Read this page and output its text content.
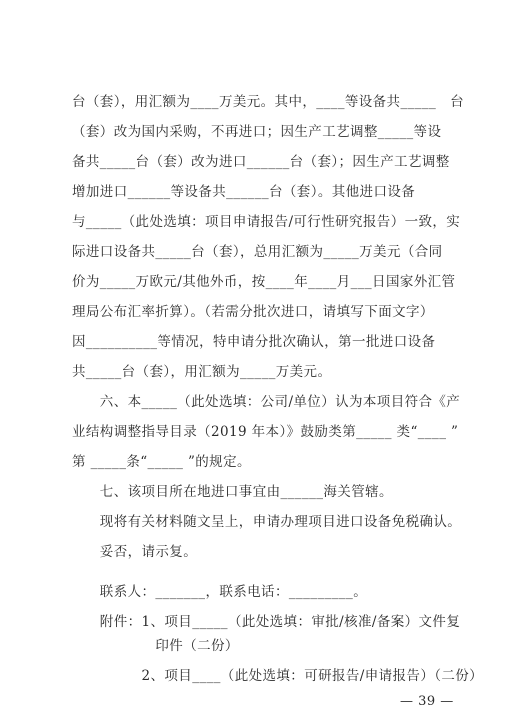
台（套），用汇额为____万美元。其中，____等设备共_____　台
（套）改为国内采购，不再进口；因生产工艺调整_____等设
备共_____台（套）改为进口______台（套）；因生产工艺调整
增加进口______等设备共______台（套）。其他进口设备
与_____（此处选填：项目申请报告/可行性研究报告）一致，实
际进口设备共_____台（套），总用汇额为_____万美元（合同
价为_____万欧元/其他外币，按____年____月___日国家外汇管
理局公布汇率折算）。（若需分批次进口，请填写下面文字）
因__________等情况，特申请分批次确认，第一批进口设备
共_____台（套），用汇额为_____万美元。
　　六、本_____（此处选填：公司/单位）认为本项目符合《产
业结构调整指导目录（2019 年本）》鼓励类第_____ 类“____ ”
第 _____条“_____ ”的规定。
　　七、该项目所在地进口事宜由______海关管辖。
　　现将有关材料随文呈上，申请办理项目进口设备免税确认。
　　妥否，请示复。
　　联系人：_______，联系电话：_________。
　　附件：1、项目_____（此处选填：审批/核准/备案）文件复
　　　　　　印件（二份）
　　　　　2、项目____（此处选填：可研报告/申请报告）（二份）
— 39 —
